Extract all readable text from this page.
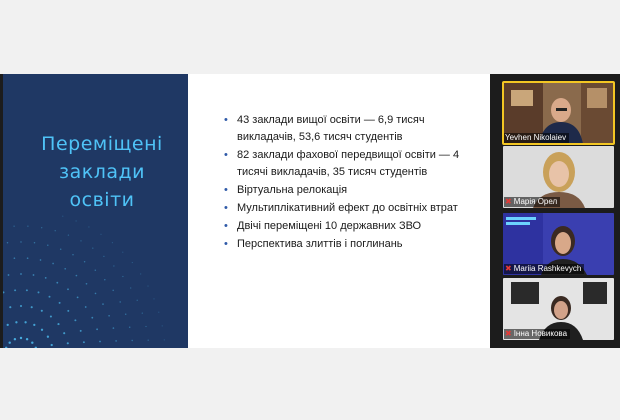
Переміщені
заклади
освіти
• 43 заклади вищої освіти — 6,9 тисяч викладачів, 53,6 тисяч студентів
• 82 заклади фахової передвищої освіти — 4 тисячі викладачів, 35 тисяч студентів
• Віртуальна релокація
• Мультиплікативний ефект до освітніх втрат
• Двічі переміщені 10 державних ЗВО
• Перспектива злиттів і поглинань
Yevhen Nikolaiev
✖ Марія Орел
✖ Mariia Rashkevych
✖ Інна Новикова
